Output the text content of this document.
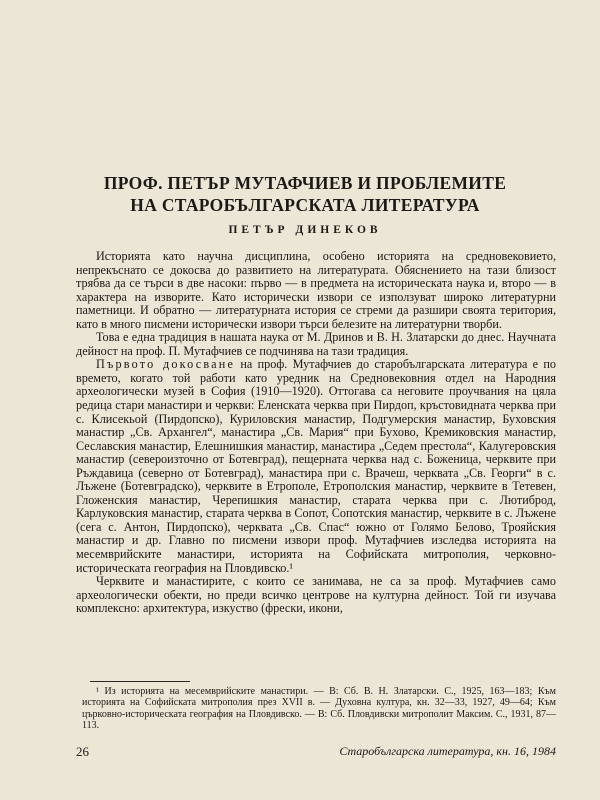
ПРОФ. ПЕТЪР МУТАФЧИЕВ И ПРОБЛЕМИТЕ
НА СТАРОБЪЛГАРСКАТА ЛИТЕРАТУРА
ПЕТЪР ДИНЕКОВ

Историята като научна дисциплина, особено историята на средновековието, непрекъснато се докосва до развитието на литературата. Обяснението на тази близост трябва да се търси в две насоки: първо — в предмета на историческата наука и, второ — в характера на изворите. Като исторически извори се използуват широко литературни паметници. И обратно — литературната история се стреми да разшири своята територия, като в много писмени исторически извори търси белезите на литературни творби.

Това е една традиция в нашата наука от М. Дринов и В. Н. Златарски до днес. Научната дейност на проф. П. Мутафчиев се подчинява на тази традиция.

Първото докосване на проф. Мутафчиев до старобългарската литература е по времето, когато той работи като уредник на Средновековния отдел на Народния археологически музей в София (1910—1920). Оттогава са неговите проучвания на цяла редица стари манастири и черкви: Еленската черква при Пирдоп, кръстовидната черква при с. Клисекьой (Пирдопско), Куриловския манастир, Подгумерския манастир, Буховския манастир „Св. Архангел“, манастира „Св. Мария“ при Бухово, Кремиковския манастир, Сеславския манастир, Елешнишкия манастир, манастира „Седем престола“, Калугеровския манастир (североизточно от Ботевград), пещерната черква над с. Боженица, черквите при Ръждавица (северно от Ботевград), манастира при с. Врачеш, черквата „Св. Георги“ в с. Лъжене (Ботевградско), черквите в Етрополе, Етрополския манастир, черквите в Тетевен, Гложенския манастир, Черепишкия манастир, старата черква при с. Лютиброд, Карлуковския манастир, старата черква в Сопот, Сопотския манастир, черквите в с. Лъжене (сега с. Антон, Пирдопско), черквата „Св. Спас“ южно от Голямо Белово, Трояйския манастир и др. Главно по писмени извори проф. Мутафчиев изследва историята на месемврийските манастири, историята на Софийската митрополия, черковно-историческата география на Пловдивско.¹

Черквите и манастирите, с които се занимава, не са за проф. Мутафчиев само археологически обекти, но преди всичко центрове на културна дейност. Той ги изучава комплексно: архитектура, изкуство (фрески, икони,

¹ Из историята на месемврийските манастири. — В: Сб. В. Н. Златарски. С., 1925, 163—183; Към историята на Софийската митрополия през XVII в. — Духовна култура, кн. 32—33, 1927, 49—64; Към църковно-историческата география на Пловдивско. — В: Сб. Пловдивски митрополит Максим. С., 1931, 87—113.

26	Старобългарска литература, кн. 16, 1984
